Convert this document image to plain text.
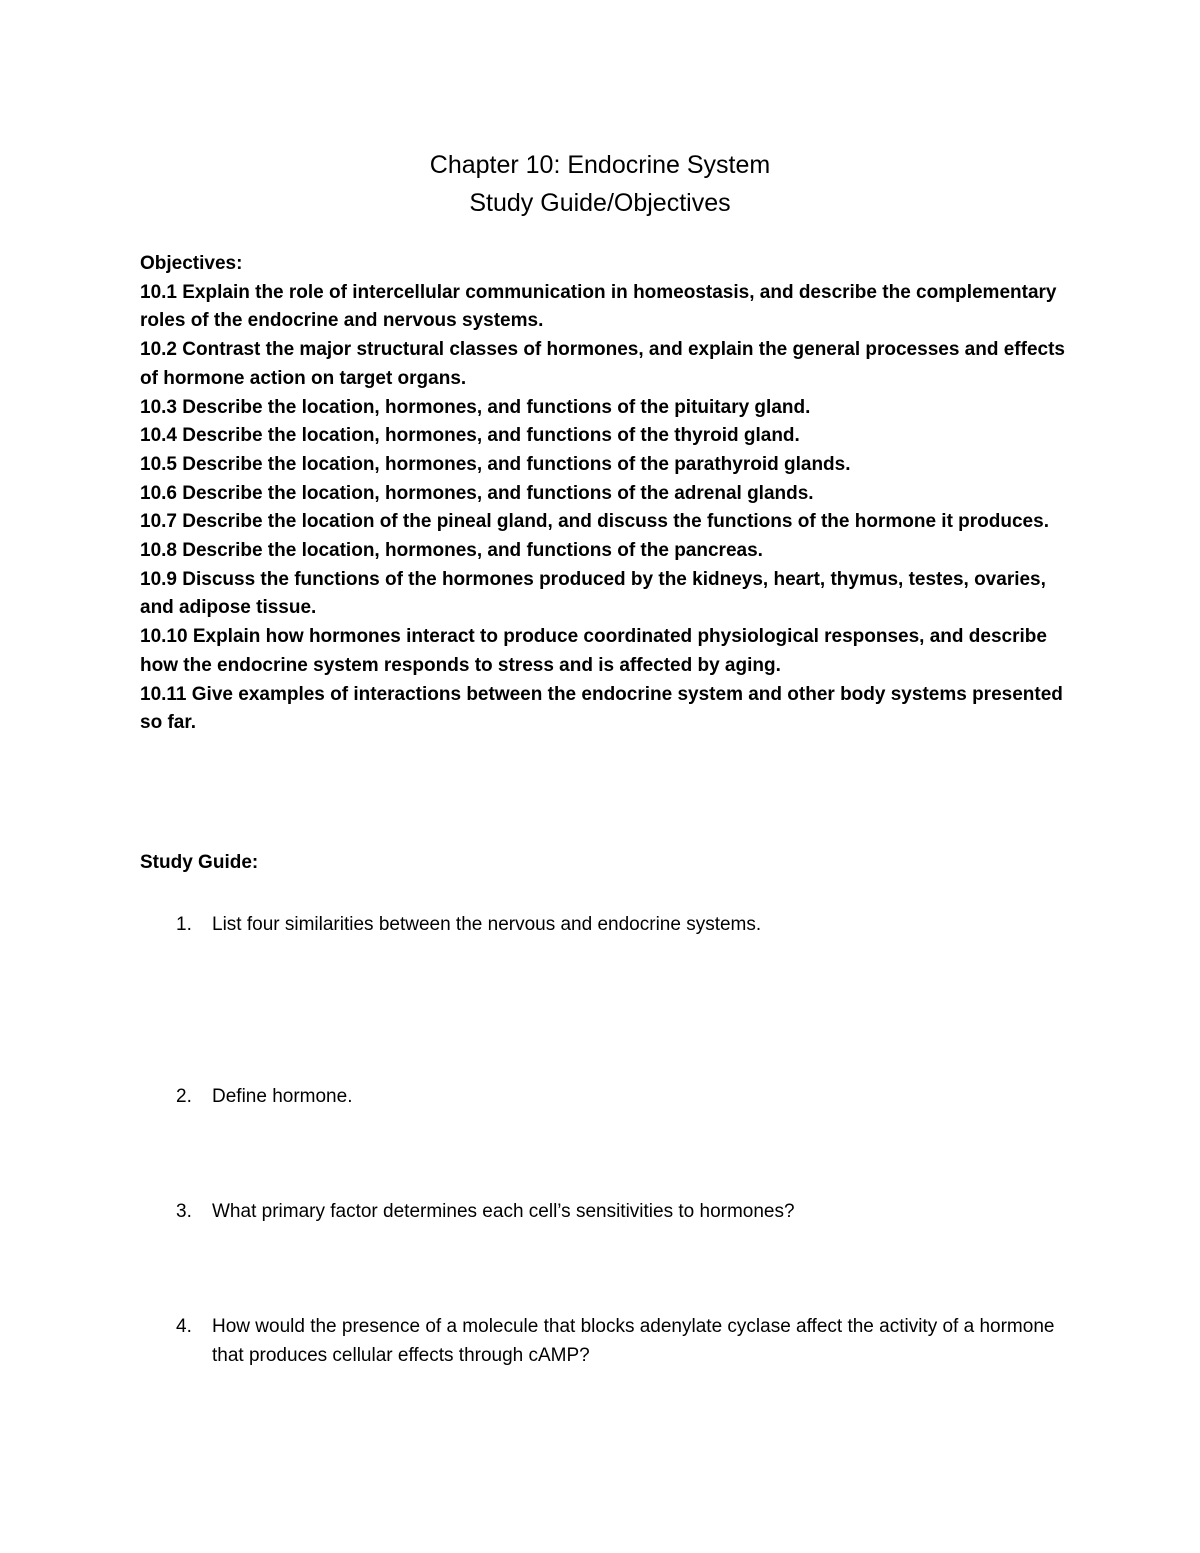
Chapter 10: Endocrine System
Study Guide/Objectives
Objectives:
10.1 Explain the role of intercellular communication in homeostasis, and describe the complementary roles of the endocrine and nervous systems.
10.2 Contrast the major structural classes of hormones, and explain the general processes and effects of hormone action on target organs.
10.3 Describe the location, hormones, and functions of the pituitary gland.
10.4 Describe the location, hormones, and functions of the thyroid gland.
10.5 Describe the location, hormones, and functions of the parathyroid glands.
10.6 Describe the location, hormones, and functions of the adrenal glands.
10.7 Describe the location of the pineal gland, and discuss the functions of the hormone it produces.
10.8 Describe the location, hormones, and functions of the pancreas.
10.9 Discuss the functions of the hormones produced by the kidneys, heart, thymus, testes, ovaries, and adipose tissue.
10.10 Explain how hormones interact to produce coordinated physiological responses, and describe how the endocrine system responds to stress and is affected by aging.
10.11 Give examples of interactions between the endocrine system and other body systems presented so far.
Study Guide:
1. List four similarities between the nervous and endocrine systems.
2. Define hormone.
3. What primary factor determines each cell’s sensitivities to hormones?
4. How would the presence of a molecule that blocks adenylate cyclase affect the activity of a hormone that produces cellular effects through cAMP?
